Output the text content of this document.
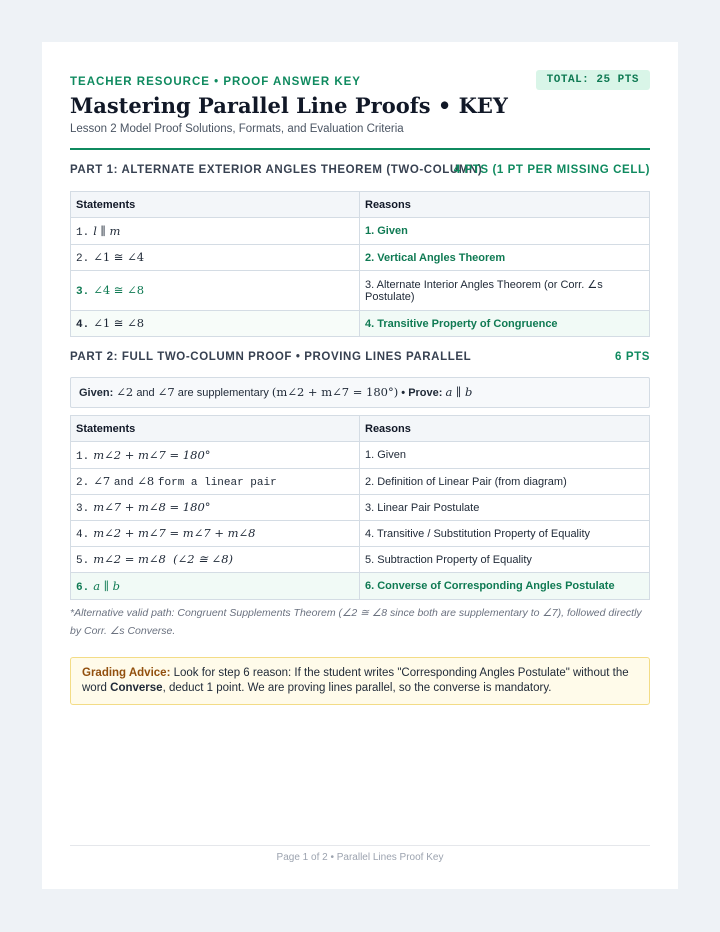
TEACHER RESOURCE • PROOF ANSWER KEY	TOTAL: 25 PTS
Mastering Parallel Line Proofs • KEY
Lesson 2 Model Proof Solutions, Formats, and Evaluation Criteria
PART 1: ALTERNATE EXTERIOR ANGLES THEOREM (TWO-COLUMN)
4 PTS (1 PT PER MISSING CELL)
Statements	Reasons
1. l ∥ m	1. Given
2. ∠1 ≅ ∠4	2. Vertical Angles Theorem
3. ∠4 ≅ ∠8	3. Alternate Interior Angles Theorem (or Corr. ∠s Postulate)
4. ∠1 ≅ ∠8	4. Transitive Property of Congruence
PART 2: FULL TWO-COLUMN PROOF • PROVING LINES PARALLEL	6 PTS
Given: ∠2 and ∠7 are supplementary (m∠2 + m∠7 = 180°) • Prove: a ∥ b
Statements	Reasons
1. m∠2 + m∠7 = 180°	1. Given
2. ∠7 and ∠8 form a linear pair	2. Definition of Linear Pair (from diagram)
3. m∠7 + m∠8 = 180°	3. Linear Pair Postulate
4. m∠2 + m∠7 = m∠7 + m∠8	4. Transitive / Substitution Property of Equality
5. m∠2 = m∠8  (∠2 ≅ ∠8)	5. Subtraction Property of Equality
6. a ∥ b	6. Converse of Corresponding Angles Postulate
*Alternative valid path: Congruent Supplements Theorem (∠2 ≅ ∠8 since both are supplementary to ∠7), followed directly by Corr. ∠s Converse.
Grading Advice: Look for step 6 reason: If the student writes "Corresponding Angles Postulate" without the word Converse, deduct 1 point. We are proving lines parallel, so the converse is mandatory.
Page 1 of 2 • Parallel Lines Proof Key
